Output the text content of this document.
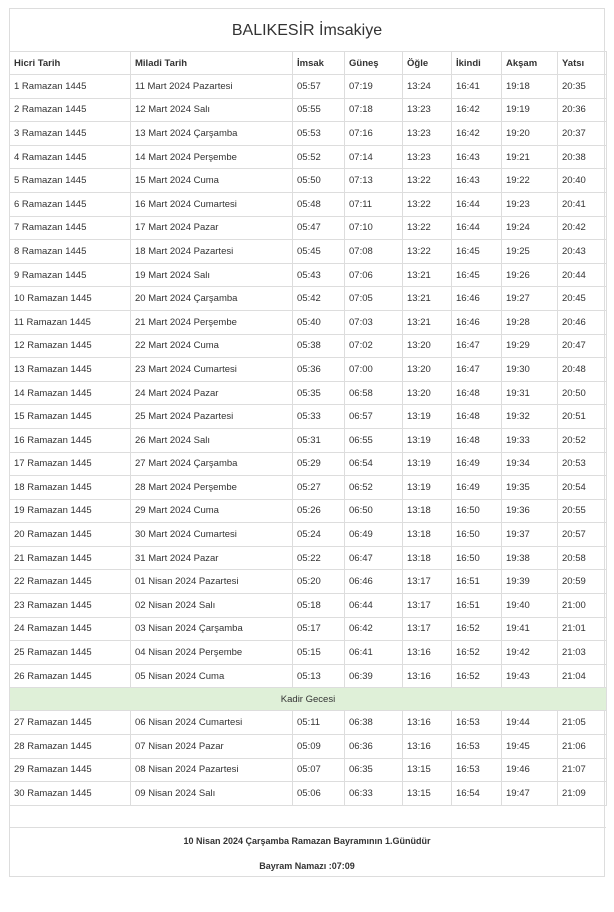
BALIKESİR İmsakiye
Hicri Tarih	Miladi Tarih	İmsak	Güneş	Öğle	İkindi	Akşam	Yatsı
1 Ramazan 1445	11 Mart 2024 Pazartesi	05:57	07:19	13:24	16:41	19:18	20:35
2 Ramazan 1445	12 Mart 2024 Salı	05:55	07:18	13:23	16:42	19:19	20:36
3 Ramazan 1445	13 Mart 2024 Çarşamba	05:53	07:16	13:23	16:42	19:20	20:37
4 Ramazan 1445	14 Mart 2024 Perşembe	05:52	07:14	13:23	16:43	19:21	20:38
5 Ramazan 1445	15 Mart 2024 Cuma	05:50	07:13	13:22	16:43	19:22	20:40
6 Ramazan 1445	16 Mart 2024 Cumartesi	05:48	07:11	13:22	16:44	19:23	20:41
7 Ramazan 1445	17 Mart 2024 Pazar	05:47	07:10	13:22	16:44	19:24	20:42
8 Ramazan 1445	18 Mart 2024 Pazartesi	05:45	07:08	13:22	16:45	19:25	20:43
9 Ramazan 1445	19 Mart 2024 Salı	05:43	07:06	13:21	16:45	19:26	20:44
10 Ramazan 1445	20 Mart 2024 Çarşamba	05:42	07:05	13:21	16:46	19:27	20:45
11 Ramazan 1445	21 Mart 2024 Perşembe	05:40	07:03	13:21	16:46	19:28	20:46
12 Ramazan 1445	22 Mart 2024 Cuma	05:38	07:02	13:20	16:47	19:29	20:47
13 Ramazan 1445	23 Mart 2024 Cumartesi	05:36	07:00	13:20	16:47	19:30	20:48
14 Ramazan 1445	24 Mart 2024 Pazar	05:35	06:58	13:20	16:48	19:31	20:50
15 Ramazan 1445	25 Mart 2024 Pazartesi	05:33	06:57	13:19	16:48	19:32	20:51
16 Ramazan 1445	26 Mart 2024 Salı	05:31	06:55	13:19	16:48	19:33	20:52
17 Ramazan 1445	27 Mart 2024 Çarşamba	05:29	06:54	13:19	16:49	19:34	20:53
18 Ramazan 1445	28 Mart 2024 Perşembe	05:27	06:52	13:19	16:49	19:35	20:54
19 Ramazan 1445	29 Mart 2024 Cuma	05:26	06:50	13:18	16:50	19:36	20:55
20 Ramazan 1445	30 Mart 2024 Cumartesi	05:24	06:49	13:18	16:50	19:37	20:57
21 Ramazan 1445	31 Mart 2024 Pazar	05:22	06:47	13:18	16:50	19:38	20:58
22 Ramazan 1445	01 Nisan 2024 Pazartesi	05:20	06:46	13:17	16:51	19:39	20:59
23 Ramazan 1445	02 Nisan 2024 Salı	05:18	06:44	13:17	16:51	19:40	21:00
24 Ramazan 1445	03 Nisan 2024 Çarşamba	05:17	06:42	13:17	16:52	19:41	21:01
25 Ramazan 1445	04 Nisan 2024 Perşembe	05:15	06:41	13:16	16:52	19:42	21:03
26 Ramazan 1445	05 Nisan 2024 Cuma	05:13	06:39	13:16	16:52	19:43	21:04
Kadir Gecesi							
27 Ramazan 1445	06 Nisan 2024 Cumartesi	05:11	06:38	13:16	16:53	19:44	21:05
28 Ramazan 1445	07 Nisan 2024 Pazar	05:09	06:36	13:16	16:53	19:45	21:06
29 Ramazan 1445	08 Nisan 2024 Pazartesi	05:07	06:35	13:15	16:53	19:46	21:07
30 Ramazan 1445	09 Nisan 2024 Salı	05:06	06:33	13:15	16:54	19:47	21:09
10 Nisan 2024 Çarşamba Ramazan Bayramının 1.Günüdür
Bayram Namazı :07:09
